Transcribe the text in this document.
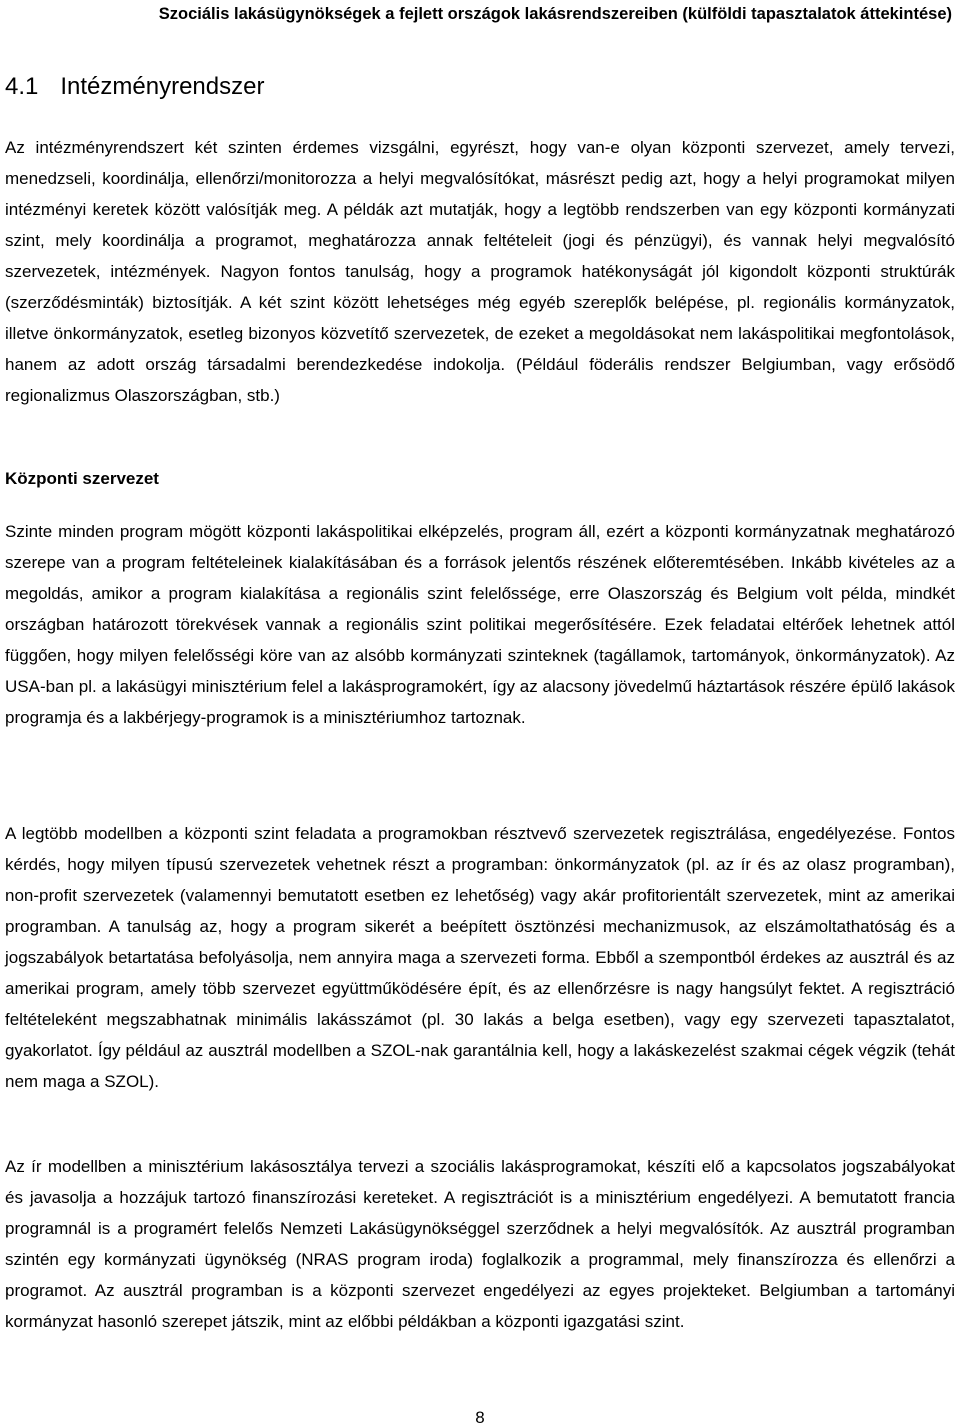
Szociális lakásügynökségek a fejlett országok lakásrendszereiben (külföldi tapasztalatok áttekintése)
4.1 Intézményrendszer

Az intézményrendszert két szinten érdemes vizsgálni, egyrészt, hogy van-e olyan központi szervezet, amely tervezi, menedzseli, koordinálja, ellenőrzi/monitorozza a helyi megvalósítókat, másrészt pedig azt, hogy a helyi programokat milyen intézményi keretek között valósítják meg. A példák azt mutatják, hogy a legtöbb rendszerben van egy központi kormányzati szint, mely koordinálja a programot, meghatározza annak feltételeit (jogi és pénzügyi), és vannak helyi megvalósító szervezetek, intézmények. Nagyon fontos tanulság, hogy a programok hatékonyságát jól kigondolt központi struktúrák (szerződésminták) biztosítják. A két szint között lehetséges még egyéb szereplők belépése, pl. regionális kormányzatok, illetve önkormányzatok, esetleg bizonyos közvetítő szervezetek, de ezeket a megoldásokat nem lakáspolitikai megfontolások, hanem az adott ország társadalmi berendezkedése indokolja. (Például föderális rendszer Belgiumban, vagy erősödő regionalizmus Olaszországban, stb.)

Központi szervezet

Szinte minden program mögött központi lakáspolitikai elképzelés, program áll, ezért a központi kormányzatnak meghatározó szerepe van a program feltételeinek kialakításában és a források jelentős részének előteremtésében. Inkább kivételes az a megoldás, amikor a program kialakítása a regionális szint felelőssége, erre Olaszország és Belgium volt példa, mindkét országban határozott törekvések vannak a regionális szint politikai megerősítésére. Ezek feladatai eltérőek lehetnek attól függően, hogy milyen felelősségi köre van az alsóbb kormányzati szinteknek (tagállamok, tartományok, önkormányzatok). Az USA-ban pl. a lakásügyi minisztérium felel a lakásprogramokért, így az alacsony jövedelmű háztartások részére épülő lakások programja és a lakbérjegy-programok is a minisztériumhoz tartoznak.

A legtöbb modellben a központi szint feladata a programokban résztvevő szervezetek regisztrálása, engedélyezése. Fontos kérdés, hogy milyen típusú szervezetek vehetnek részt a programban: önkormányzatok (pl. az ír és az olasz programban), non-profit szervezetek (valamennyi bemutatott esetben ez lehetőség) vagy akár profitorientált szervezetek, mint az amerikai programban. A tanulság az, hogy a program sikerét a beépített ösztönzési mechanizmusok, az elszámoltathatóság és a jogszabályok betartatása befolyásolja, nem annyira maga a szervezeti forma. Ebből a szempontból érdekes az ausztrál és az amerikai program, amely több szervezet együttműködésére épít, és az ellenőrzésre is nagy hangsúlyt fektet. A regisztráció feltételeként megszabhatnak minimális lakásszámot (pl. 30 lakás a belga esetben), vagy egy szervezeti tapasztalatot, gyakorlatot. Így például az ausztrál modellben a SZOL-nak garantálnia kell, hogy a lakáskezelést szakmai cégek végzik (tehát nem maga a SZOL).

Az ír modellben a minisztérium lakásosztálya tervezi a szociális lakásprogramokat, készíti elő a kapcsolatos jogszabályokat és javasolja a hozzájuk tartozó finanszírozási kereteket. A regisztrációt is a minisztérium engedélyezi. A bemutatott francia programnál is a programért felelős Nemzeti Lakásügynökséggel szerződnek a helyi megvalósítók. Az ausztrál programban szintén egy kormányzati ügynökség (NRAS program iroda) foglalkozik a programmal, mely finanszírozza és ellenőrzi a programot. Az ausztrál programban is a központi szervezet engedélyezi az egyes projekteket. Belgiumban a tartományi kormányzat hasonló szerepet játszik, mint az előbbi példákban a központi igazgatási szint.

8
